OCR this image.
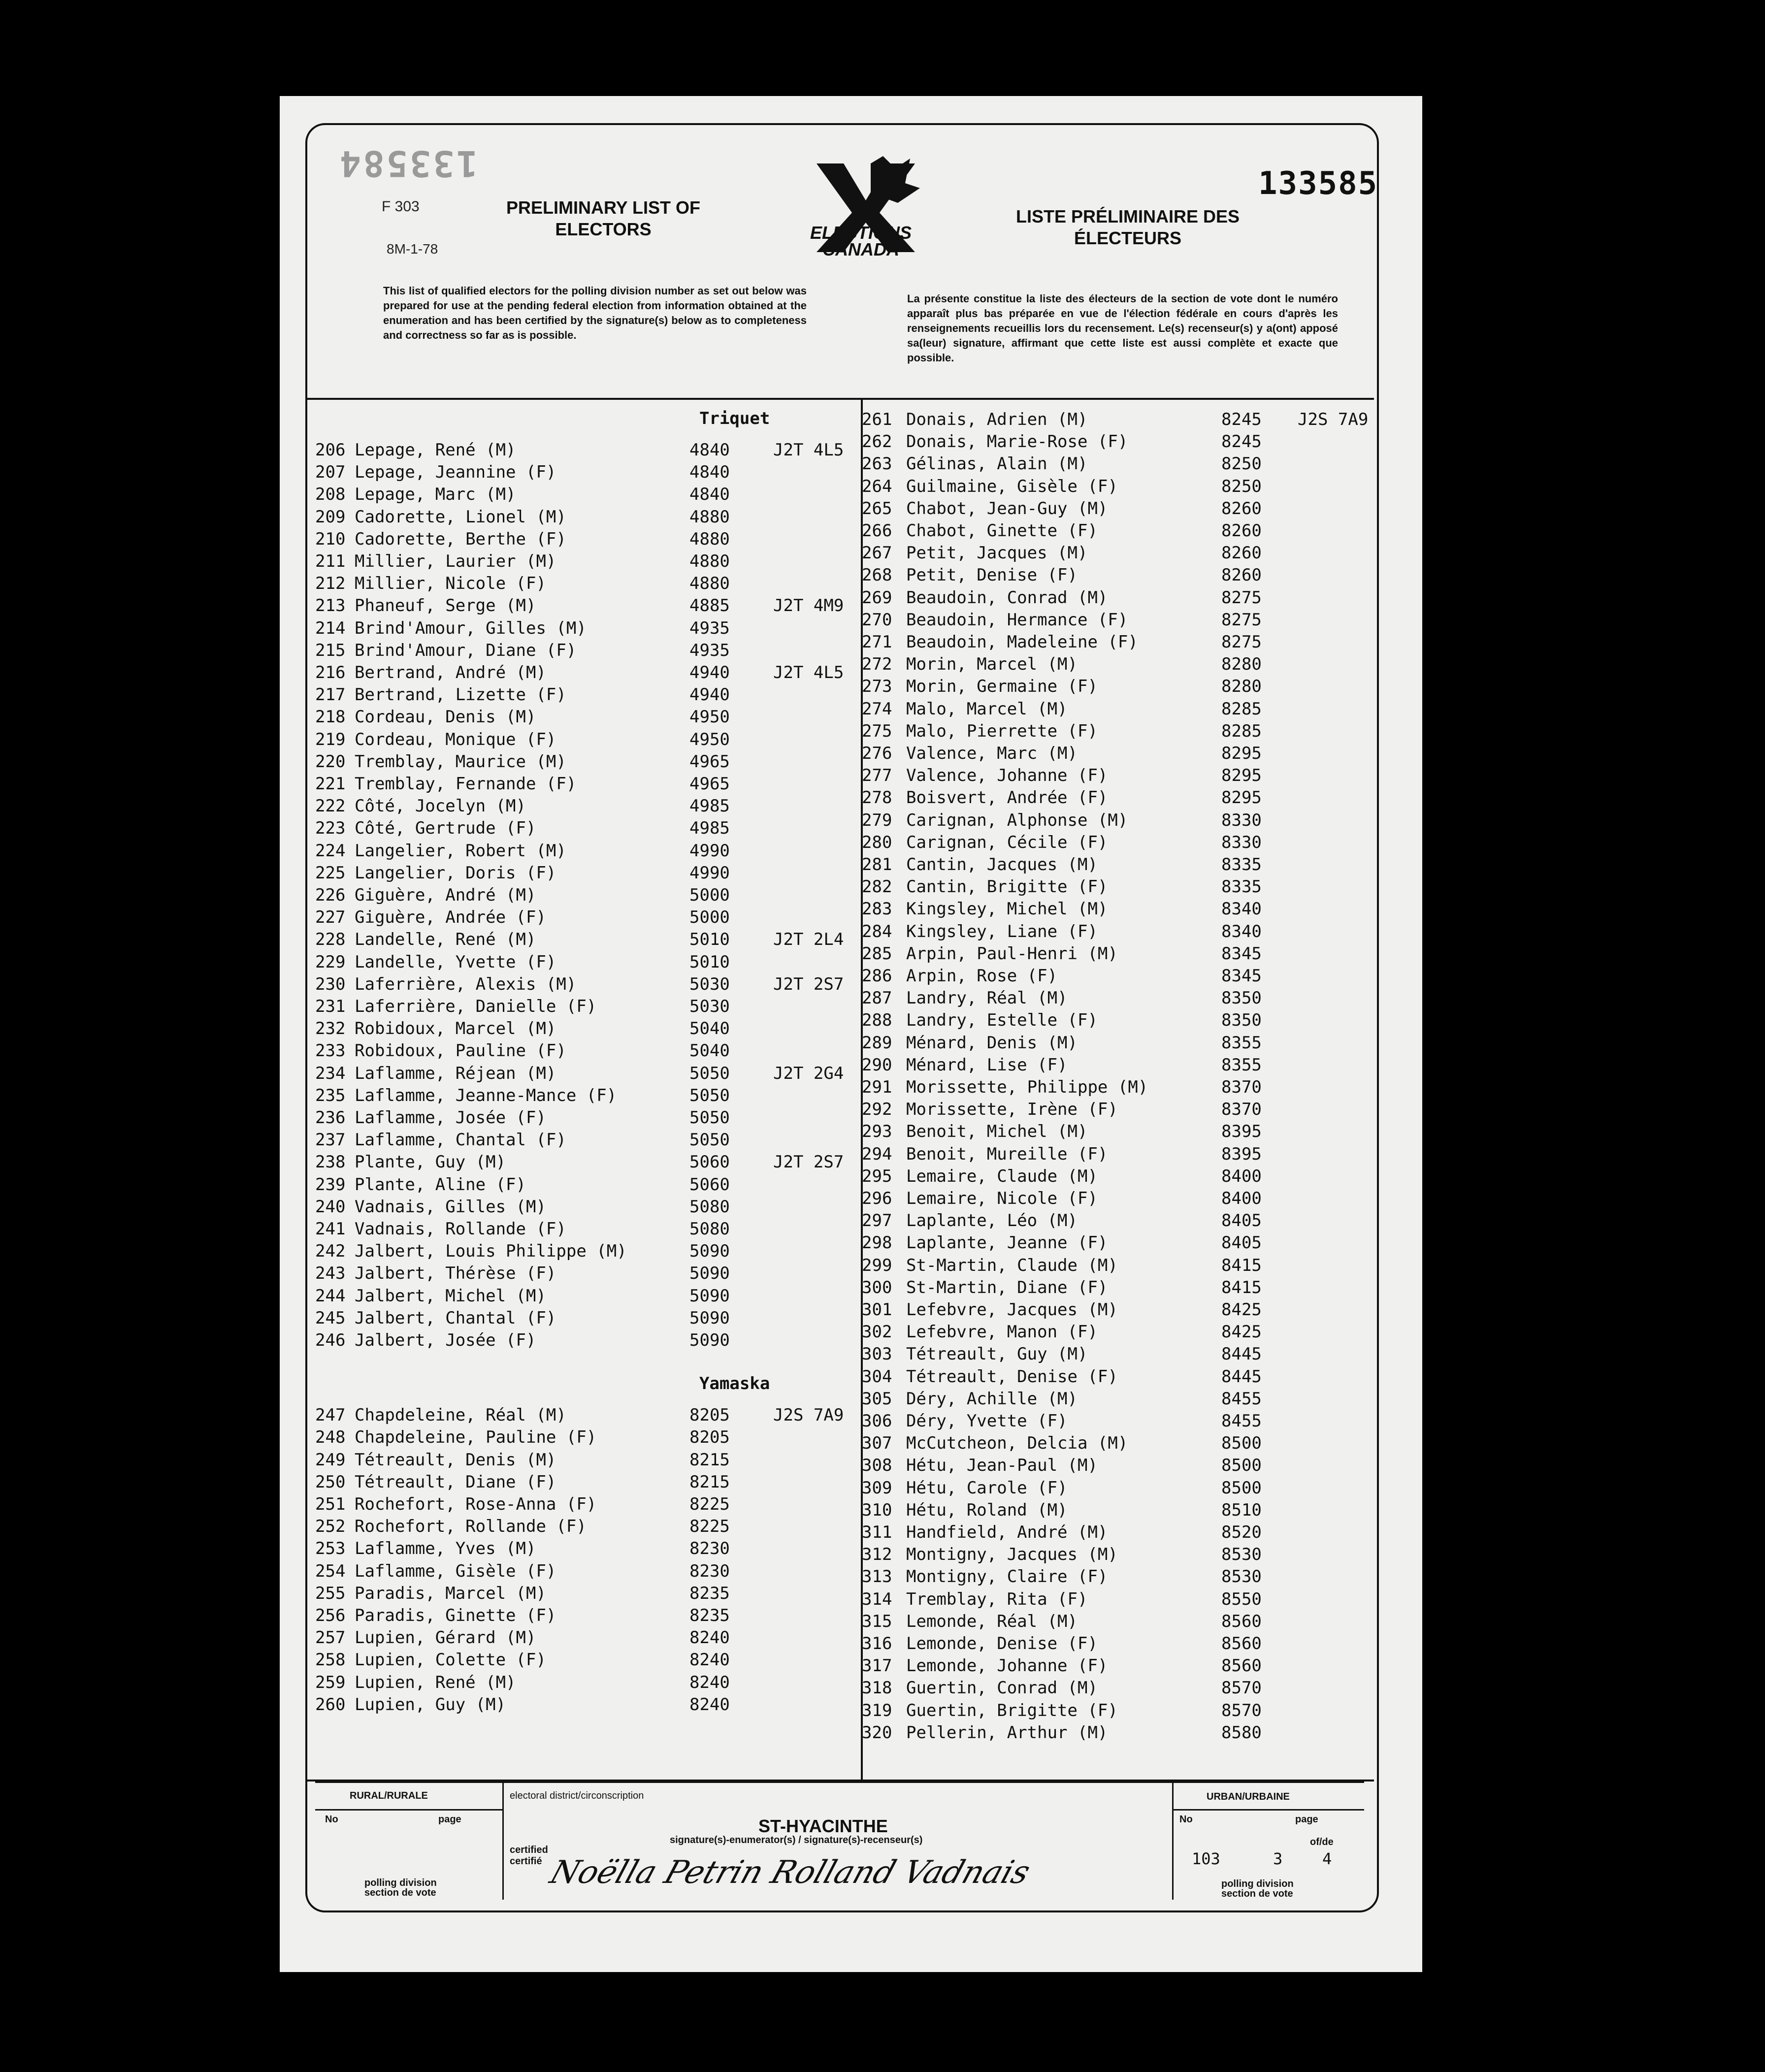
133584	133585
F 303
8M-1-78
PRELIMINARY LIST OF ELECTORS
LISTE PRÉLIMINAIRE DES ÉLECTEURS
ELECTIONS CANADA
This list of qualified electors for the polling division number as set out below was prepared for use at the pending federal election from information obtained at the enumeration and has been certified by the signature(s) below as to completeness and correctness so far as is possible.
La présente constitue la liste des électeurs de la section de vote dont le numéro apparaît plus bas préparée en vue de l'élection fédérale en cours d'après les renseignements recueillis lors du recensement. Le(s) recenseur(s) y a(ont) apposé sa(leur) signature, affirmant que cette liste est aussi complète et exacte que possible.
Triquet
206 Lepage, René (M)	4840	J2T 4L5
207 Lepage, Jeannine (F)	4840
208 Lepage, Marc (M)	4840
209 Cadorette, Lionel (M)	4880
210 Cadorette, Berthe (F)	4880
211 Millier, Laurier (M)	4880
212 Millier, Nicole (F)	4880
213 Phaneuf, Serge (M)	4885	J2T 4M9
214 Brind'Amour, Gilles (M)	4935
215 Brind'Amour, Diane (F)	4935
216 Bertrand, André (M)	4940	J2T 4L5
217 Bertrand, Lizette (F)	4940
218 Cordeau, Denis (M)	4950
219 Cordeau, Monique (F)	4950
220 Tremblay, Maurice (M)	4965
221 Tremblay, Fernande (F)	4965
222 Côté, Jocelyn (M)	4985
223 Côté, Gertrude (F)	4985
224 Langelier, Robert (M)	4990
225 Langelier, Doris (F)	4990
226 Giguère, André (M)	5000
227 Giguère, Andrée (F)	5000
228 Landelle, René (M)	5010	J2T 2L4
229 Landelle, Yvette (F)	5010
230 Laferrière, Alexis (M)	5030	J2T 2S7
231 Laferrière, Danielle (F)	5030
232 Robidoux, Marcel (M)	5040
233 Robidoux, Pauline (F)	5040
234 Laflamme, Réjean (M)	5050	J2T 2G4
235 Laflamme, Jeanne-Mance (F)	5050
236 Laflamme, Josée (F)	5050
237 Laflamme, Chantal (F)	5050
238 Plante, Guy (M)	5060	J2T 2S7
239 Plante, Aline (F)	5060
240 Vadnais, Gilles (M)	5080
241 Vadnais, Rollande (F)	5080
242 Jalbert, Louis Philippe (M)	5090
243 Jalbert, Thérèse (F)	5090
244 Jalbert, Michel (M)	5090
245 Jalbert, Chantal (F)	5090
246 Jalbert, Josée (F)	5090
Yamaska
247 Chapdeleine, Réal (M)	8205	J2S 7A9
248 Chapdeleine, Pauline (F)	8205
249 Tétreault, Denis (M)	8215
250 Tétreault, Diane (F)	8215
251 Rochefort, Rose-Anna (F)	8225
252 Rochefort, Rollande (F)	8225
253 Laflamme, Yves (M)	8230
254 Laflamme, Gisèle (F)	8230
255 Paradis, Marcel (M)	8235
256 Paradis, Ginette (F)	8235
257 Lupien, Gérard (M)	8240
258 Lupien, Colette (F)	8240
259 Lupien, René (M)	8240
260 Lupien, Guy (M)	8240
261 Donais, Adrien (M)	8245 J2S 7A9
262 Donais, Marie-Rose (F)	8245
263 Gélinas, Alain (M)	8250
264 Guilmaine, Gisèle (F)	8250
265 Chabot, Jean-Guy (M)	8260
266 Chabot, Ginette (F)	8260
267 Petit, Jacques (M)	8260
268 Petit, Denise (F)	8260
269 Beaudoin, Conrad (M)	8275
270 Beaudoin, Hermance (F)	8275
271 Beaudoin, Madeleine (F)	8275
272 Morin, Marcel (M)	8280
273 Morin, Germaine (F)	8280
274 Malo, Marcel (M)	8285
275 Malo, Pierrette (F)	8285
276 Valence, Marc (M)	8295
277 Valence, Johanne (F)	8295
278 Boisvert, Andrée (F)	8295
279 Carignan, Alphonse (M)	8330
280 Carignan, Cécile (F)	8330
281 Cantin, Jacques (M)	8335
282 Cantin, Brigitte (F)	8335
283 Kingsley, Michel (M)	8340
284 Kingsley, Liane (F)	8340
285 Arpin, Paul-Henri (M)	8345
286 Arpin, Rose (F)	8345
287 Landry, Réal (M)	8350
288 Landry, Estelle (F)	8350
289 Ménard, Denis (M)	8355
290 Ménard, Lise (F)	8355
291 Morissette, Philippe (M)	8370
292 Morissette, Irène (F)	8370
293 Benoit, Michel (M)	8395
294 Benoit, Mureille (F)	8395
295 Lemaire, Claude (M)	8400
296 Lemaire, Nicole (F)	8400
297 Laplante, Léo (M)	8405
298 Laplante, Jeanne (F)	8405
299 St-Martin, Claude (M)	8415
300 St-Martin, Diane (F)	8415
301 Lefebvre, Jacques (M)	8425
302 Lefebvre, Manon (F)	8425
303 Tétreault, Guy (M)	8445
304 Tétreault, Denise (F)	8445
305 Déry, Achille (M)	8455
306 Déry, Yvette (F)	8455
307 McCutcheon, Delcia (M)	8500
308 Hétu, Jean-Paul (M)	8500
309 Hétu, Carole (F)	8500
310 Hétu, Roland (M)	8510
311 Handfield, André (M)	8520
312 Montigny, Jacques (M)	8530
313 Montigny, Claire (F)	8530
314 Tremblay, Rita (F)	8550
315 Lemonde, Réal (M)	8560
316 Lemonde, Denise (F)	8560
317 Lemonde, Johanne (F)	8560
318 Guertin, Conrad (M)	8570
319 Guertin, Brigitte (F)	8570
320 Pellerin, Arthur (M)	8580
RURAL/RURALE	URBAN/URBAINE
electoral district/circonscription
No	page	No	page
of/de
certified
certifié
signature(s)-enumerator(s) / signature(s)-recenseur(s)
polling division
section de vote
polling division
section de vote
103	3	4
ST-HYACINTHE
Noëlla Petrin Rolland Vadnais
